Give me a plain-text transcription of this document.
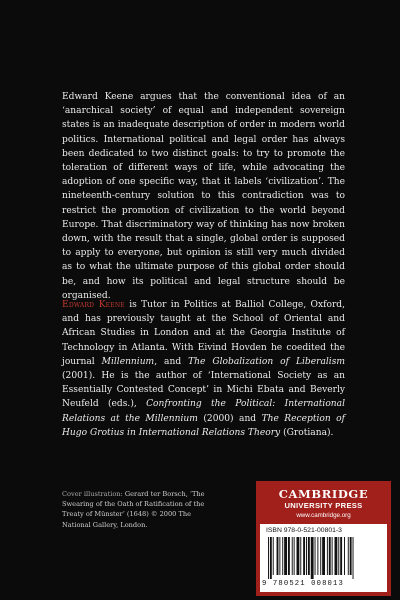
Edward Keene argues that the conventional idea of an ‘anarchical society’ of equal and independent sovereign states is an inadequate description of order in modern world politics. International political and legal order has always been dedicated to two distinct goals: to try to promote the toleration of different ways of life, while advocating the adoption of one specific way, that it labels ‘civilization’. The nineteenth-century solution to this contradiction was to restrict the promotion of civilization to the world beyond Europe. That discriminatory way of thinking has now broken down, with the result that a single, global order is supposed to apply to everyone, but opinion is still very much divided as to what the ultimate purpose of this global order should be, and how its political and legal structure should be organised.

Edward Keene is Tutor in Politics at Balliol College, Oxford, and has previously taught at the School of Oriental and African Studies in London and at the Georgia Institute of Technology in Atlanta. With Eivind Hovden he coedited the journal Millennium, and The Globalization of Liberalism (2001). He is the author of ‘International Society as an Essentially Contested Concept’ in Michi Ebata and Beverly Neufeld (eds.), Confronting the Political: International Relations at the Millennium (2000) and The Reception of Hugo Grotius in International Relations Theory (Grotiana).

Cover illustration: Gerard ter Borsch, ‘The Swearing of the Oath of Ratification of the Treaty of Münster’ (1648) © 2000 The National Gallery, London.
CAMBRIDGE
UNIVERSITY PRESS
www.cambridge.org
ISBN 978-0-521-00801-3
9 780521 008013
